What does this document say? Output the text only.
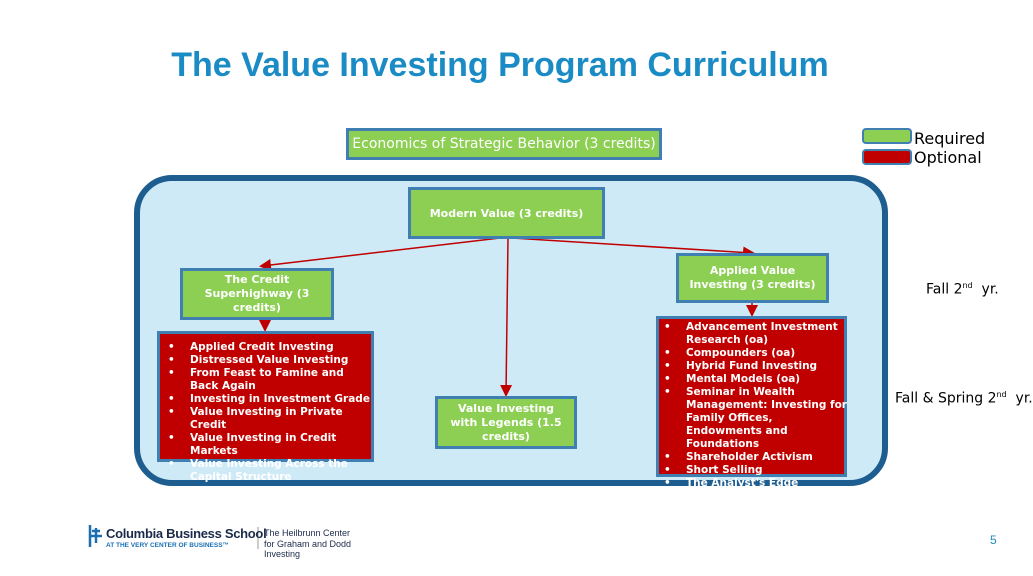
The Value Investing Program Curriculum
Economics of Strategic Behavior (3 credits)
Modern Value (3 credits)
The Credit Superhighway (3 credits)
Applied Value Investing (3 credits)
Value Investing with Legends (1.5 credits)
• Applied Credit Investing
• Distressed Value Investing
• From Feast to Famine and Back Again
• Investing in Investment Grade
• Value Investing in Private Credit
• Value Investing in Credit Markets
• Value Investing Across the Capital Structure
• Advancement Investment Research (oa)
• Compounders (oa)
• Hybrid Fund Investing
• Mental Models (oa)
• Seminar in Wealth Management: Investing for Family Offices, Endowments and Foundations
• Shareholder Activism
• Short Selling
• The Analyst's Edge
Required
Optional
Fall 2nd yr.
Fall & Spring 2nd yr.
Columbia Business School
AT THE VERY CENTER OF BUSINESS™
The Heilbrunn Center
for Graham and Dodd Investing
5
